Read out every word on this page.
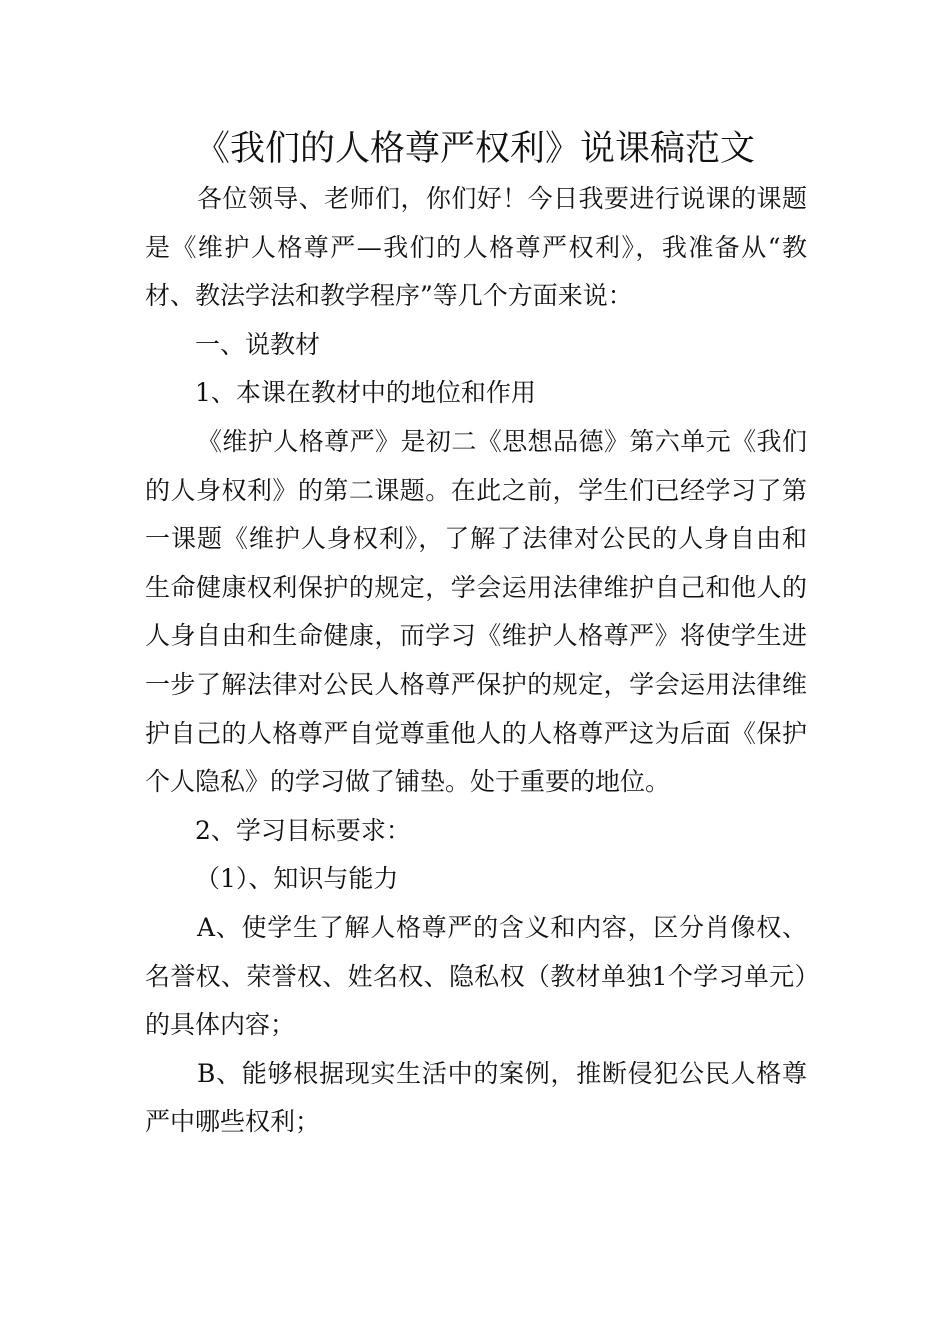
《我们的人格尊严权利》说课稿范文

各位领导、老师们，你们好！今日我要进行说课的课题是《维护人格尊严—我们的人格尊严权利》，我准备从“教材、教法学法和教学程序”等几个方面来说：

一、说教材

1、本课在教材中的地位和作用

《维护人格尊严》是初二《思想品德》第六单元《我们的人身权利》的第二课题。在此之前，学生们已经学习了第一课题《维护人身权利》，了解了法律对公民的人身自由和生命健康权利保护的规定，学会运用法律维护自己和他人的人身自由和生命健康，而学习《维护人格尊严》将使学生进一步了解法律对公民人格尊严保护的规定，学会运用法律维护自己的人格尊严自觉尊重他人的人格尊严这为后面《保护个人隐私》的学习做了铺垫。处于重要的地位。

2、学习目标要求：

（1）、知识与能力

A、使学生了解人格尊严的含义和内容，区分肖像权、名誉权、荣誉权、姓名权、隐私权（教材单独1个学习单元）的具体内容；

B、能够根据现实生活中的案例，推断侵犯公民人格尊严中哪些权利；
